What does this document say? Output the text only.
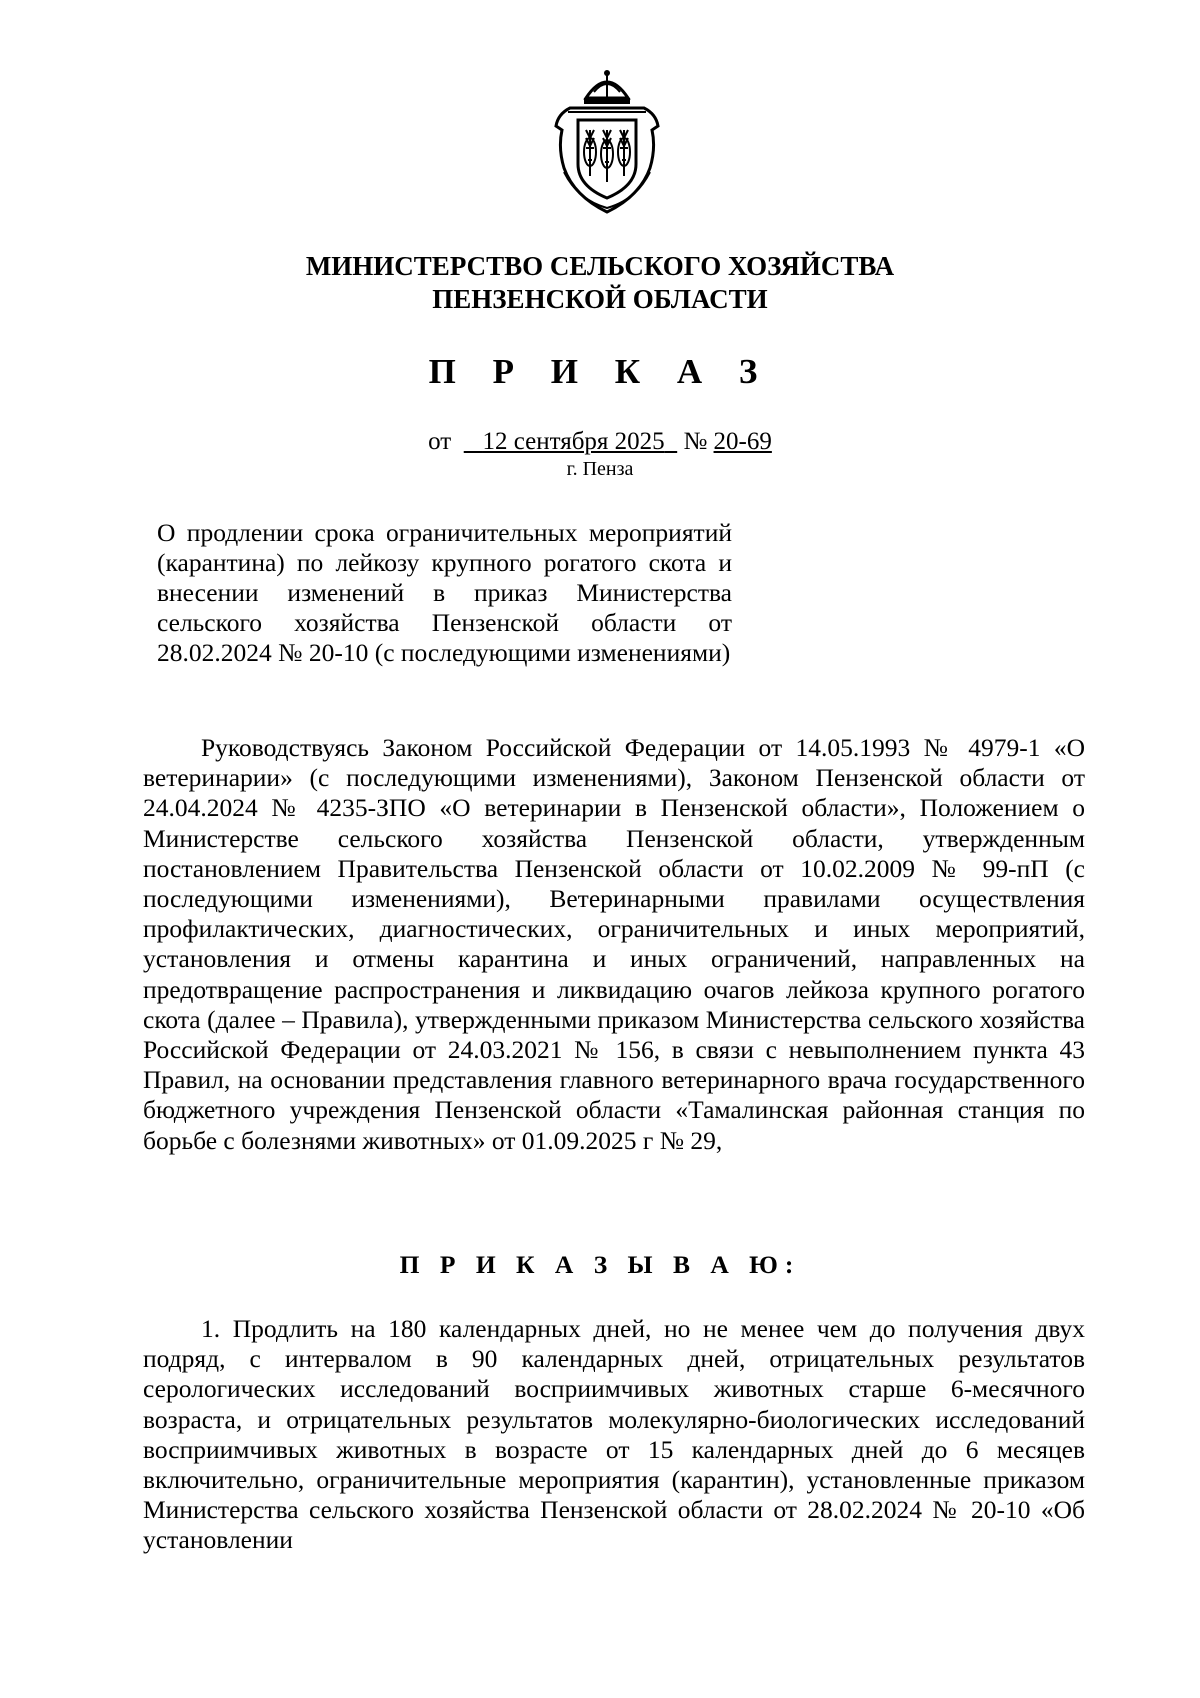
МИНИСТЕРСТВО СЕЛЬСКОГО ХОЗЯЙСТВА
ПЕНЗЕНСКОЙ ОБЛАСТИ
П Р И К А З
от 12 сентября 2025 № 20-69
г. Пенза
О продлении срока ограничительных мероприятий (карантина) по лейкозу крупного рогатого скота и внесении изменений в приказ Министерства сельского хозяйства Пензенской области от 28.02.2024 № 20-10 (с последующими изменениями)
Руководствуясь Законом Российской Федерации от 14.05.1993 № 4979-1 «О ветеринарии» (с последующими изменениями), Законом Пензенской области от 24.04.2024 № 4235-ЗПО «О ветеринарии в Пензенской области», Положением о Министерстве сельского хозяйства Пензенской области, утвержденным постановлением Правительства Пензенской области от 10.02.2009 № 99-пП (с последующими изменениями), Ветеринарными правилами осуществления профилактических, диагностических, ограничительных и иных мероприятий, установления и отмены карантина и иных ограничений, направленных на предотвращение распространения и ликвидацию очагов лейкоза крупного рогатого скота (далее – Правила), утвержденными приказом Министерства сельского хозяйства Российской Федерации от 24.03.2021 № 156, в связи с невыполнением пункта 43 Правил, на основании представления главного ветеринарного врача государственного бюджетного учреждения Пензенской области «Тамалинская районная станция по борьбе с болезнями животных» от 01.09.2025 г № 29,
П Р И К А З Ы В А Ю:
1. Продлить на 180 календарных дней, но не менее чем до получения двух подряд, с интервалом в 90 календарных дней, отрицательных результатов серологических исследований восприимчивых животных старше 6-месячного возраста, и отрицательных результатов молекулярно-биологических исследований восприимчивых животных в возрасте от 15 календарных дней до 6 месяцев включительно, ограничительные мероприятия (карантин), установленные приказом Министерства сельского хозяйства Пензенской области от 28.02.2024 № 20-10 «Об установлении
